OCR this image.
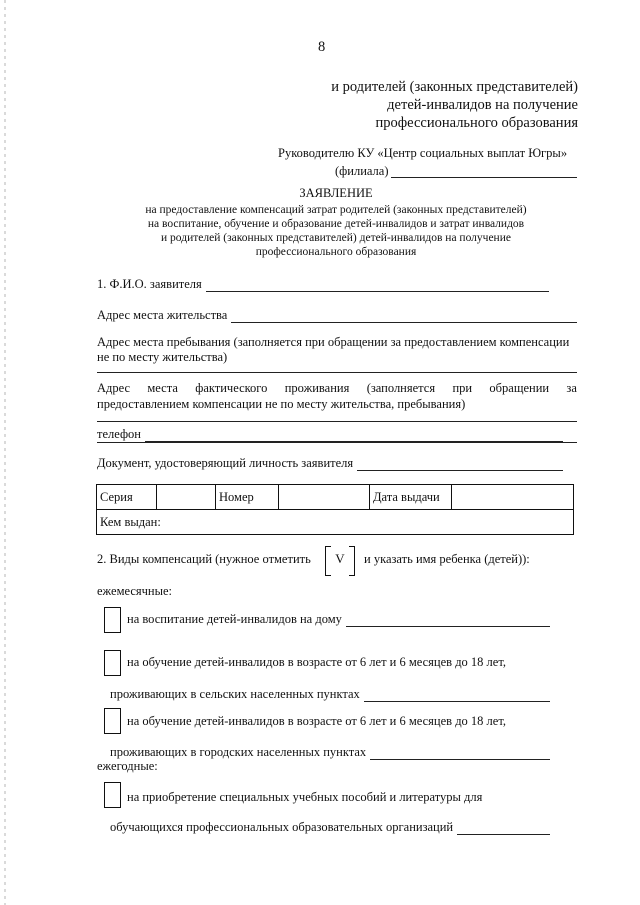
8
и родителей (законных представителей)
детей-инвалидов на получение
профессионального образования
Руководителю КУ «Центр социальных выплат Югры»
(филиала)
ЗАЯВЛЕНИЕ
на предоставление компенсаций затрат родителей (законных представителей)
на воспитание, обучение и образование детей-инвалидов и затрат инвалидов
и родителей (законных представителей) детей-инвалидов на получение
профессионального образования
1. Ф.И.О. заявителя
Адрес места жительства
Адрес места пребывания (заполняется при обращении за предоставлением компенсации
не по месту жительства)
Адрес места фактического проживания (заполняется при обращении за
предоставлением компенсации не по месту жительства, пребывания)
телефон
Документ, удостоверяющий личность заявителя
Серия		Номер		Дата выдачи	
Кем выдан:
2. Виды компенсаций (нужное отметить	V	и указать имя ребенка (детей)):
ежемесячные:
на воспитание детей-инвалидов на дому
на обучение детей-инвалидов в возрасте от 6 лет и 6 месяцев до 18 лет,
проживающих в сельских населенных пунктах
на обучение детей-инвалидов в возрасте от 6 лет и 6 месяцев до 18 лет,
проживающих в городских населенных пунктах
ежегодные:
на приобретение специальных учебных пособий и литературы для
обучающихся профессиональных образовательных организаций
